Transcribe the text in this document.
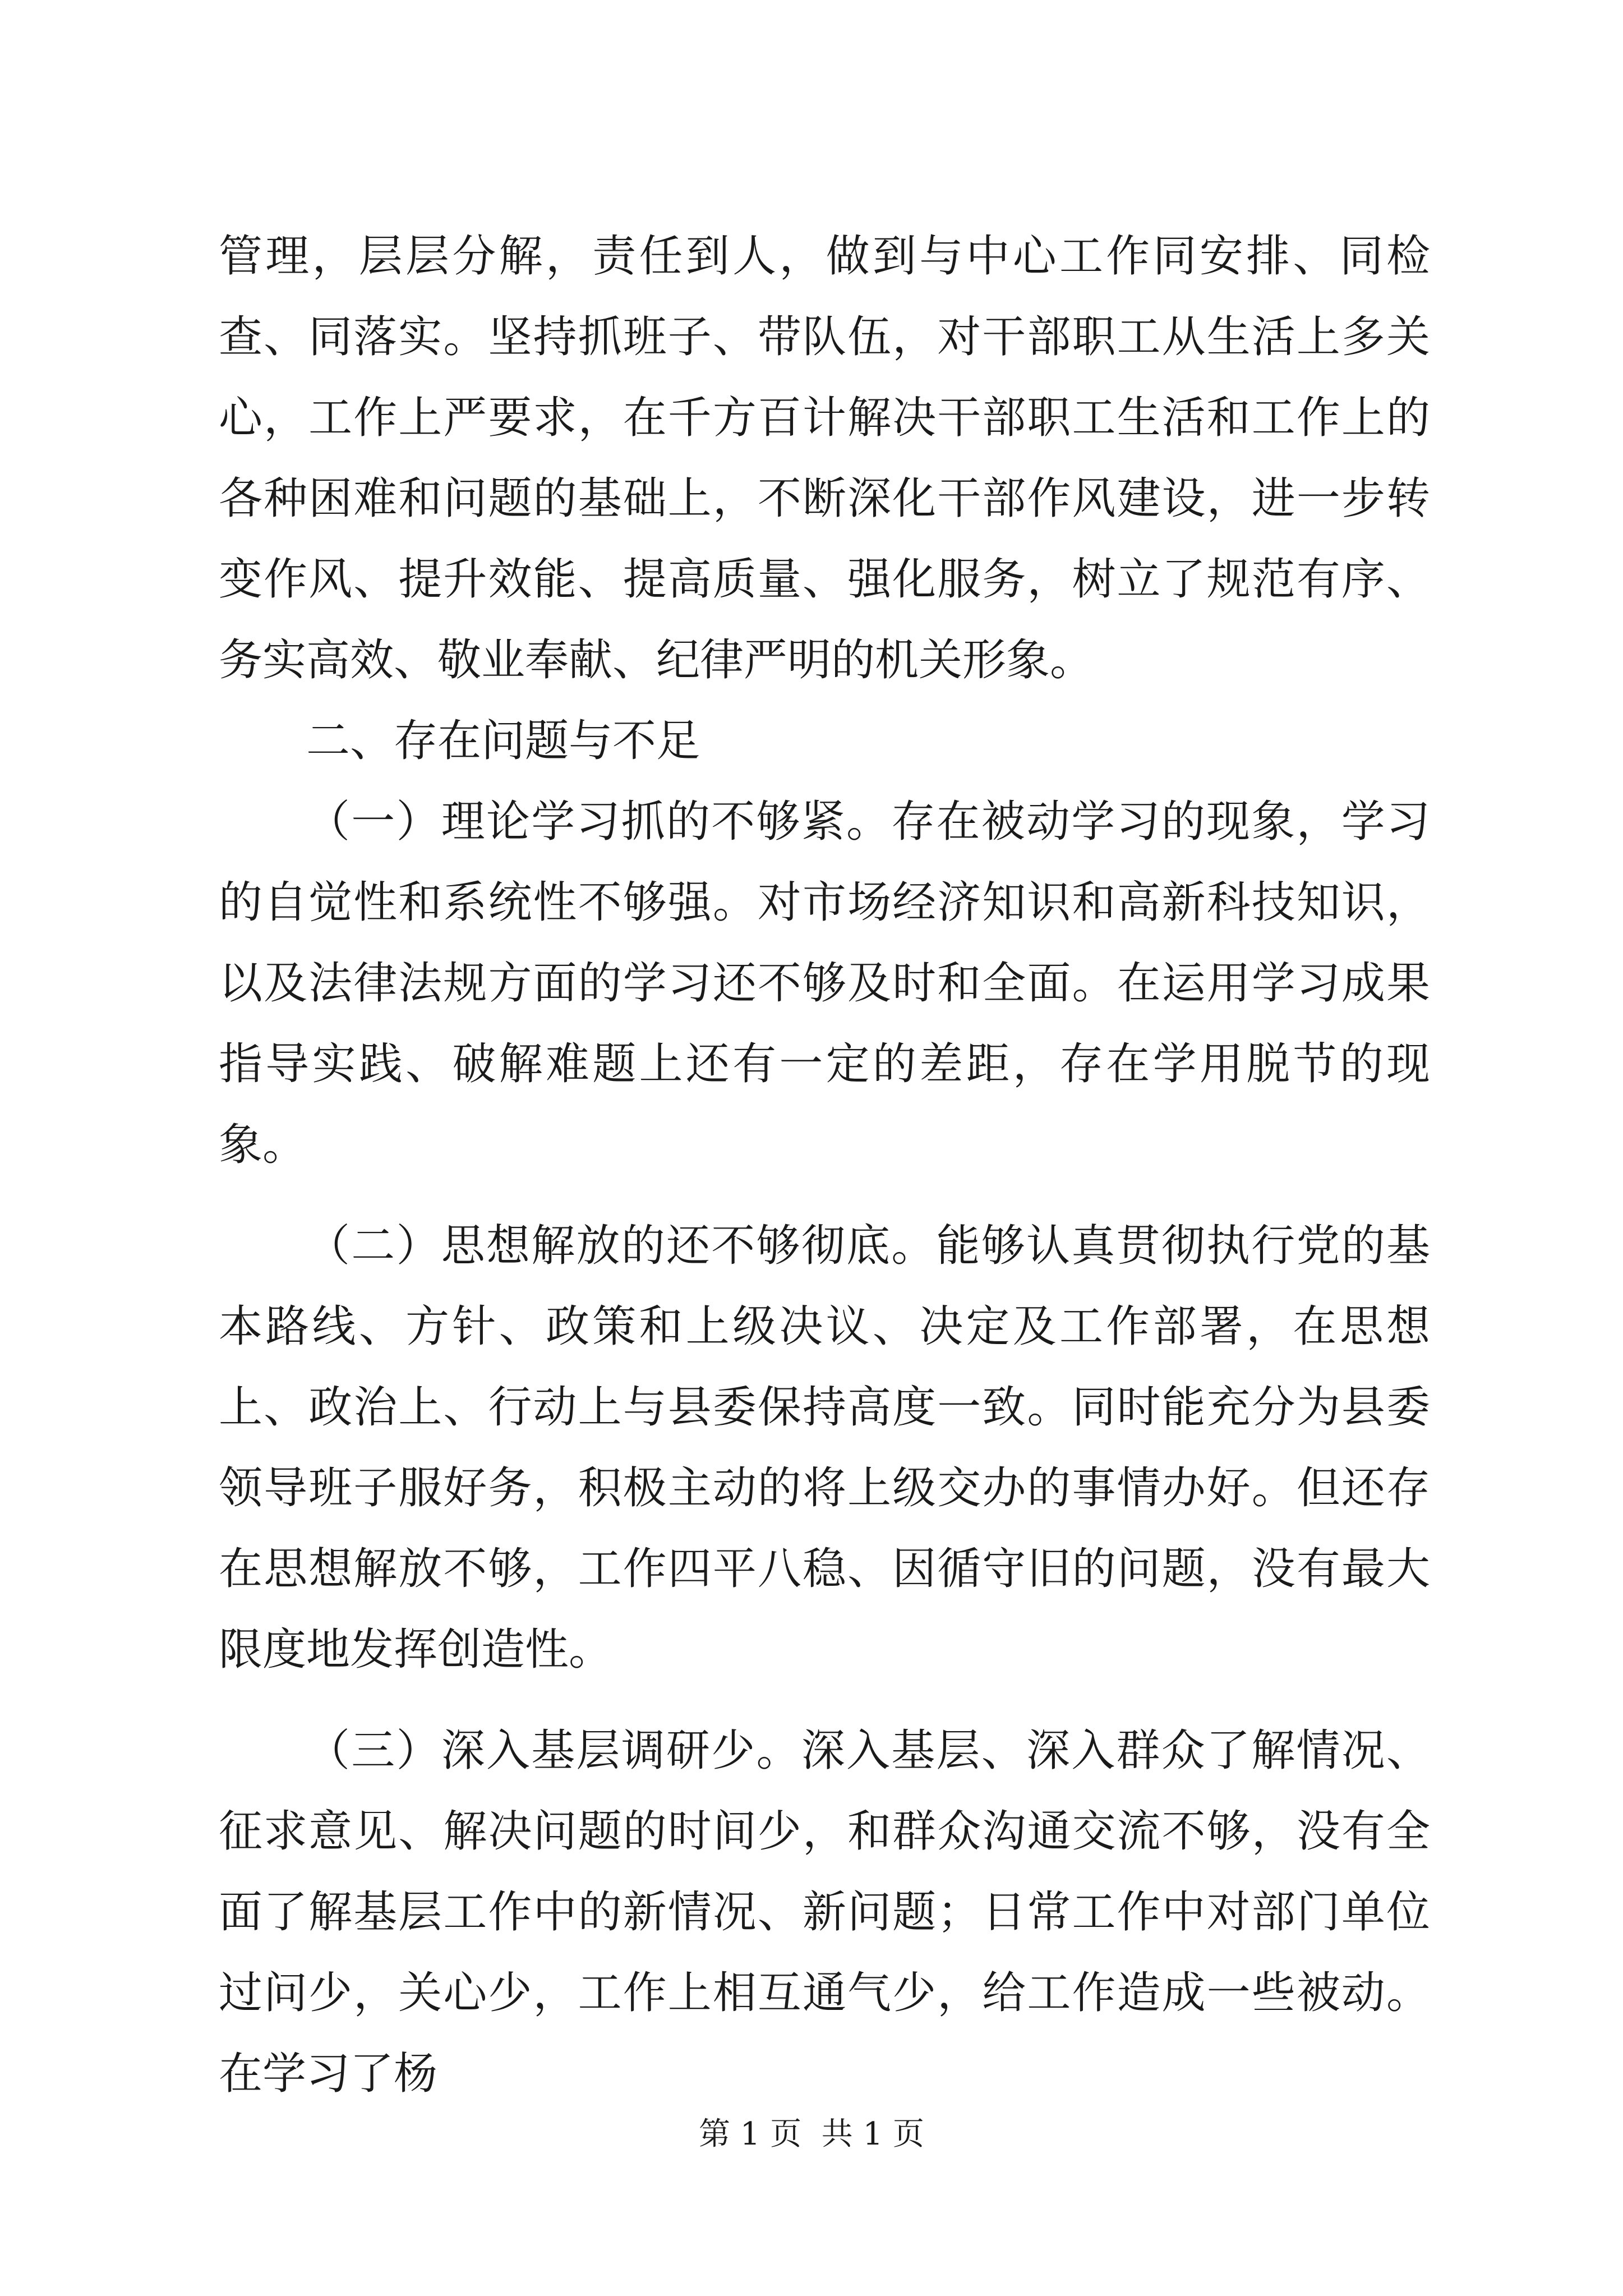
管理，层层分解，责任到人，做到与中心工作同安排、同检查、同落实。坚持抓班子、带队伍，对干部职工从生活上多关心，工作上严要求，在千方百计解决干部职工生活和工作上的各种困难和问题的基础上，不断深化干部作风建设，进一步转变作风、提升效能、提高质量、强化服务，树立了规范有序、务实高效、敬业奉献、纪律严明的机关形象。

二、存在问题与不足

（一）理论学习抓的不够紧。存在被动学习的现象，学习的自觉性和系统性不够强。对市场经济知识和高新科技知识，以及法律法规方面的学习还不够及时和全面。在运用学习成果指导实践、破解难题上还有一定的差距，存在学用脱节的现象。

（二）思想解放的还不够彻底。能够认真贯彻执行党的基本路线、方针、政策和上级决议、决定及工作部署，在思想上、政治上、行动上与县委保持高度一致。同时能充分为县委领导班子服好务，积极主动的将上级交办的事情办好。但还存在思想解放不够，工作四平八稳、因循守旧的问题，没有最大限度地发挥创造性。

（三）深入基层调研少。深入基层、深入群众了解情况、征求意见、解决问题的时间少，和群众沟通交流不够，没有全面了解基层工作中的新情况、新问题；日常工作中对部门单位过问少，关心少，工作上相互通气少，给工作造成一些被动。在学习了杨

第 1 页  共 1 页
